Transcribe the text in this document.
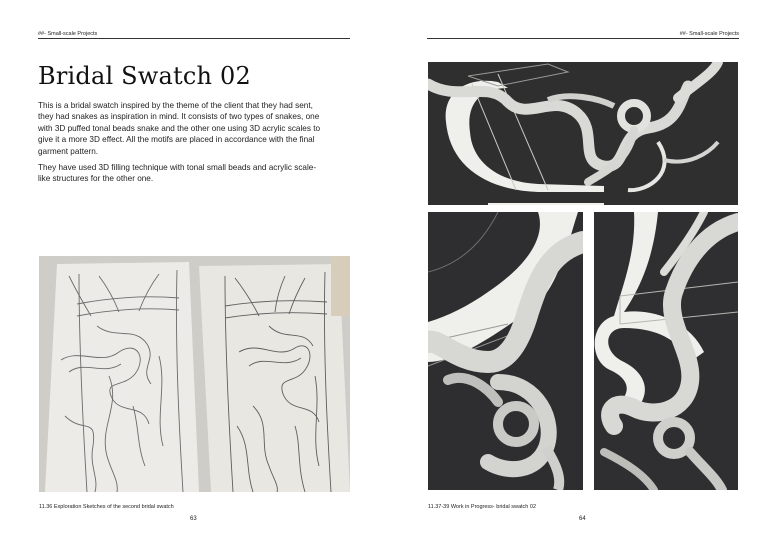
##- Small-scale Projects
Bridal Swatch 02

This is a bridal swatch inspired by the theme of the client that they had sent, they had snakes as inspiration in mind. It consists of two types of snakes, one with 3D puffed tonal beads snake and the other one using 3D acrylic scales to give it a more 3D effect. All the motifs are placed in accordance with the final garment pattern.

They have used 3D filling technique with tonal small beads and acrylic scale-like structures for the other one.

11.36 Exploration Sketches of the second bridal swatch
63
##- Small-scale Projects
11.37-39 Work in Progress- bridal swatch 02
64
